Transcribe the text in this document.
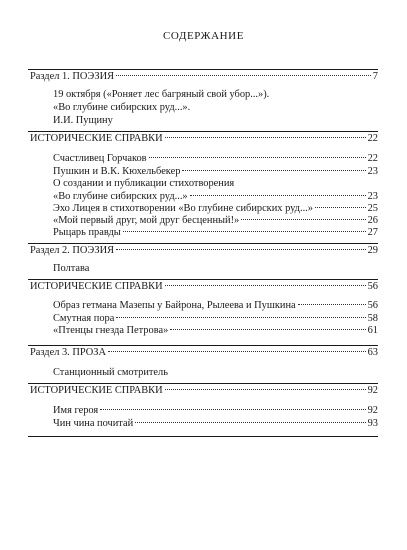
СОДЕРЖАНИЕ
Раздел 1. ПОЭЗИЯ	7
19 октября («Роняет лес багряный свой убор...»).
«Во глубине сибирских руд...».
И.И. Пущину
ИСТОРИЧЕСКИЕ СПРАВКИ	22
Счастливец Горчаков	22
Пушкин и В.К. Кюхельбекер	23
О создании и публикации стихотворения
«Во глубине сибирских руд...»	23
Эхо Лицея в стихотворении «Во глубине сибирских руд...»	25
«Мой первый друг, мой друг бесценный!»	26
Рыцарь правды	27
Раздел 2. ПОЭЗИЯ	29
Полтава
ИСТОРИЧЕСКИЕ СПРАВКИ	56
Образ гетмана Мазепы у Байрона, Рылеева и Пушкина	56
Смутная пора	58
«Птенцы гнезда Петрова»	61
Раздел 3. ПРОЗА	63
Станционный смотритель
ИСТОРИЧЕСКИЕ СПРАВКИ	92
Имя героя	92
Чин чина почитай	93
